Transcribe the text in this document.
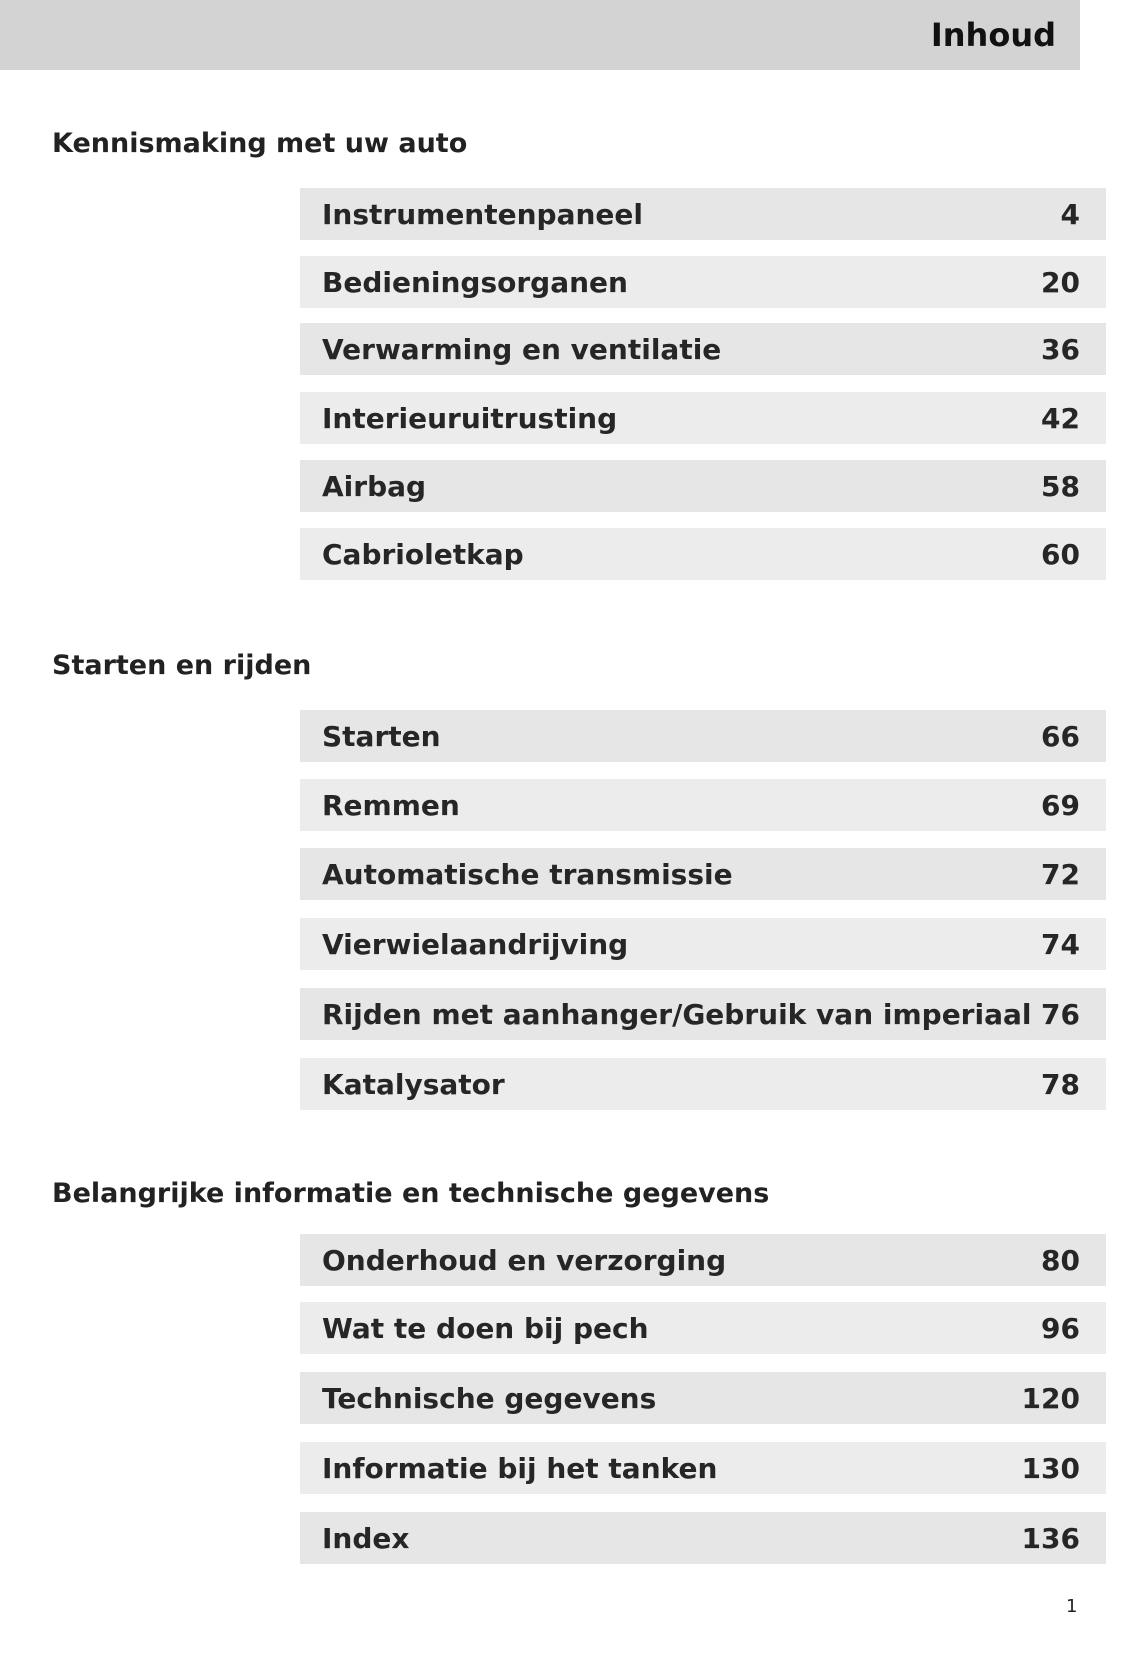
Inhoud
Kennismaking met uw auto
Instrumentenpaneel	4
Bedieningsorganen	20
Verwarming en ventilatie	36
Interieuruitrusting	42
Airbag	58
Cabrioletkap	60
Starten en rijden
Starten	66
Remmen	69
Automatische transmissie	72
Vierwielaandrijving	74
Rijden met aanhanger/Gebruik van imperiaal 76
Katalysator	78
Belangrijke informatie en technische gegevens
Onderhoud en verzorging	80
Wat te doen bij pech	96
Technische gegevens	120
Informatie bij het tanken	130
Index	136
1
